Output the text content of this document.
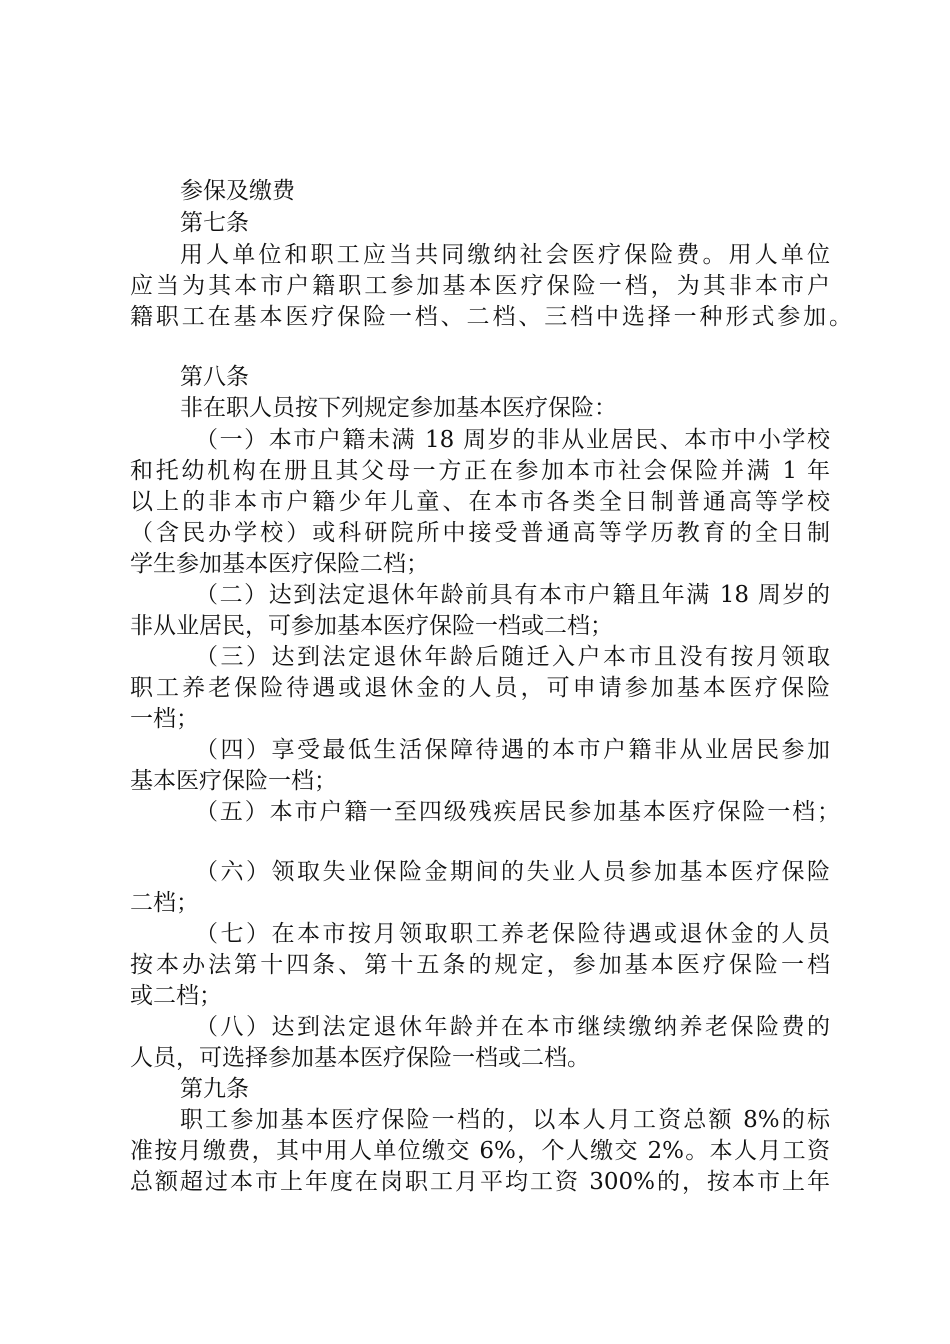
参保及缴费
第七条
用人单位和职工应当共同缴纳社会医疗保险费。用人单位
应当为其本市户籍职工参加基本医疗保险一档，为其非本市户
籍职工在基本医疗保险一档、二档、三档中选择一种形式参加。
第八条
非在职人员按下列规定参加基本医疗保险：
（一）本市户籍未满 18 周岁的非从业居民、本市中小学校
和托幼机构在册且其父母一方正在参加本市社会保险并满 1 年
以上的非本市户籍少年儿童、在本市各类全日制普通高等学校
（含民办学校）或科研院所中接受普通高等学历教育的全日制
学生参加基本医疗保险二档；
（二）达到法定退休年龄前具有本市户籍且年满 18 周岁的
非从业居民，可参加基本医疗保险一档或二档；
（三）达到法定退休年龄后随迁入户本市且没有按月领取
职工养老保险待遇或退休金的人员，可申请参加基本医疗保险
一档；
（四）享受最低生活保障待遇的本市户籍非从业居民参加
基本医疗保险一档；
（五）本市户籍一至四级残疾居民参加基本医疗保险一档；
（六）领取失业保险金期间的失业人员参加基本医疗保险
二档；
（七）在本市按月领取职工养老保险待遇或退休金的人员
按本办法第十四条、第十五条的规定，参加基本医疗保险一档
或二档；
（八）达到法定退休年龄并在本市继续缴纳养老保险费的
人员，可选择参加基本医疗保险一档或二档。
第九条
职工参加基本医疗保险一档的，以本人月工资总额 8%的标
准按月缴费，其中用人单位缴交 6%，个人缴交 2%。本人月工资
总额超过本市上年度在岗职工月平均工资 300%的，按本市上年
